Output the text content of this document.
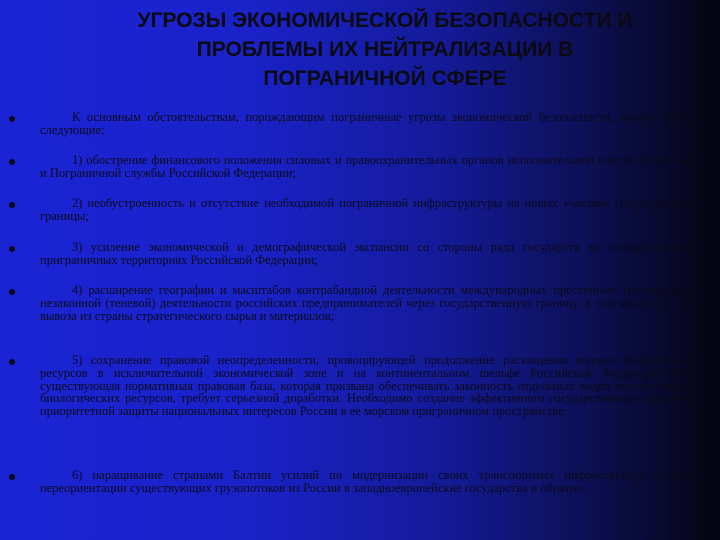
УГРОЗЫ ЭКОНОМИЧЕСКОЙ БЕЗОПАСНОСТИ И
ПРОБЛЕМЫ ИХ НЕЙТРАЛИЗАЦИИ В
ПОГРАНИЧНОЙ СФЕРЕ

К основным обстоятельствам, порождающим пограничные угрозы экономической безопасности, можно отнести следующие:

1) обострение финансового положения силовых и правоохранительных органов исполнительной власти, в том числе и Пограничной службы Российской Федерации;

2) необустроенность и отсутствие необходимой пограничной инфраструктуры на новых участках государственной границы;

3) усиление экономической и демографической экспансии со стороны ряда государств на соответствующих приграничных территориях Российской Федерации;

4) расширение географии и масштабов контрабандной деятельности международных преступных группировок и незаконной (теневой) деятельности российских предпринимателей через государственную границу, в том числе и в части вывоза из страны стратегического сырья и материалов;

5) сохранение правовой неопределенности, провоцирующей продолжение расхищения водных биологических ресурсов в исключительной экономической зоне и на континентальном шельфе Российской Федерации. Ныне существующая нормативная правовая база, которая призвана обеспечивать законность отдельных видов охраны морских биологических ресурсов, требует серьезной доработки. Необходимо создание эффективного государственного механизма приоритетной защиты национальных интересов России в ее морском приграничном пространстве;

6) наращивание странами Балтии усилий по модернизации своих транспортных инфраструктур с целью переориентации существующих грузопотоков из России в западноевропейские государства и обратно.
